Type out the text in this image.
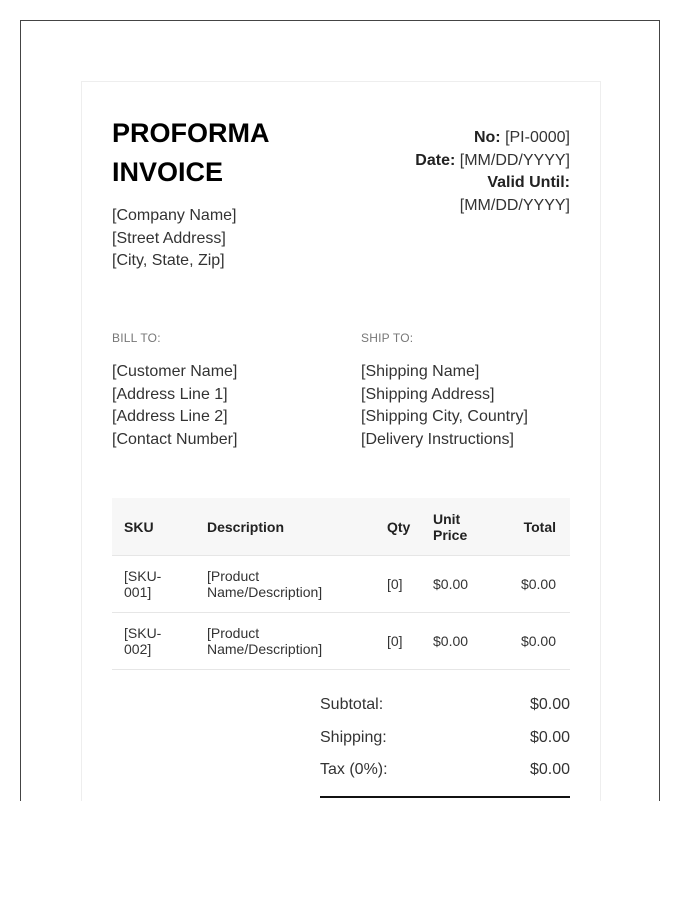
PROFORMA INVOICE
[Company Name]
[Street Address]
[City, State, Zip]
No: [PI-0000]
Date: [MM/DD/YYYY]
Valid Until:
[MM/DD/YYYY]
BILL TO:
[Customer Name]
[Address Line 1]
[Address Line 2]
[Contact Number]
SHIP TO:
[Shipping Name]
[Shipping Address]
[Shipping City, Country]
[Delivery Instructions]
SKU	Description	Qty	Unit Price	Total
[SKU-001]	[Product Name/Description]	[0]	$0.00	$0.00
[SKU-002]	[Product Name/Description]	[0]	$0.00	$0.00
Subtotal:	$0.00
Shipping:	$0.00
Tax (0%):	$0.00
